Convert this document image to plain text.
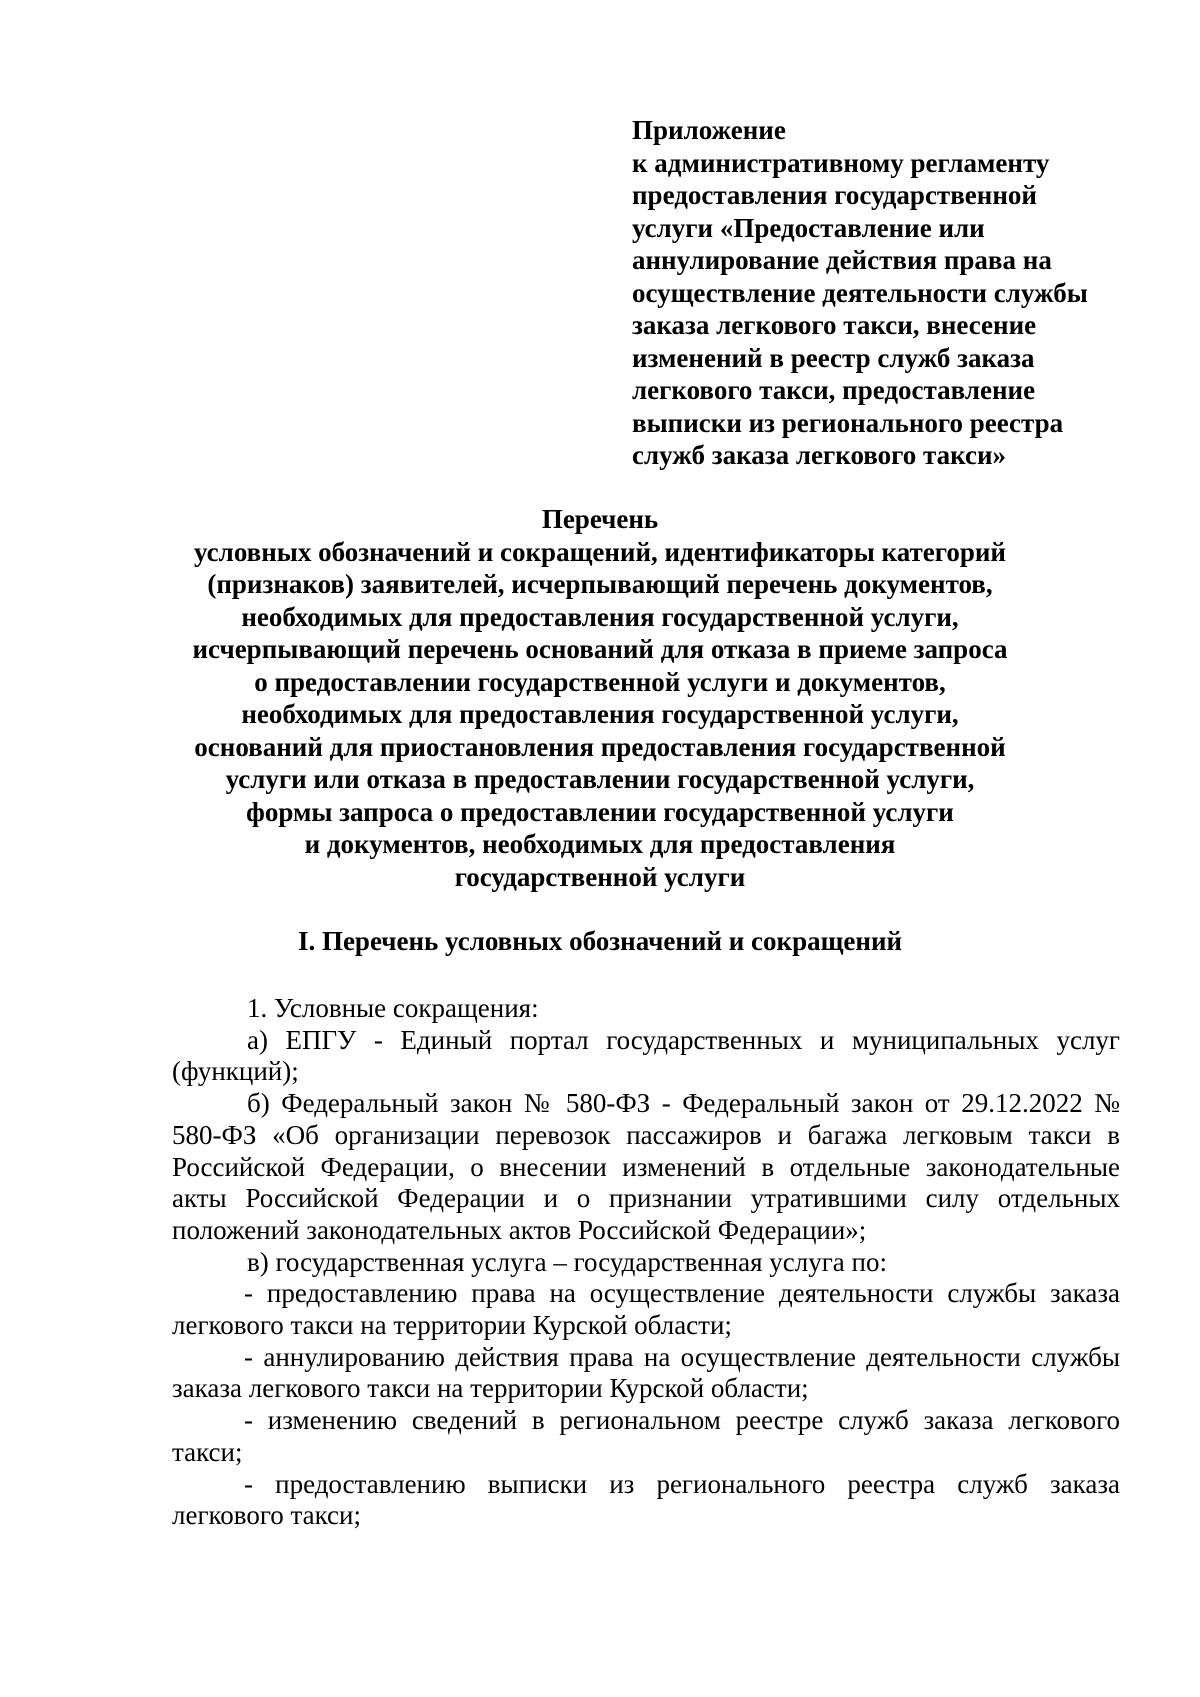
Приложение
к административному регламенту
предоставления государственной
услуги «Предоставление или
аннулирование действия права на
осуществление деятельности службы
заказа легкового такси, внесение
изменений в реестр служб заказа
легкового такси, предоставление
выписки из регионального реестра
служб заказа легкового такси»
Перечень
условных обозначений и сокращений, идентификаторы категорий
(признаков) заявителей, исчерпывающий перечень документов,
необходимых для предоставления государственной услуги,
исчерпывающий перечень оснований для отказа в приеме запроса
о предоставлении государственной услуги и документов,
необходимых для предоставления государственной услуги,
оснований для приостановления предоставления государственной
услуги или отказа в предоставлении государственной услуги,
формы запроса о предоставлении государственной услуги
и документов, необходимых для предоставления
государственной услуги
I. Перечень условных обозначений и сокращений

1. Условные сокращения:

а) ЕПГУ - Единый портал государственных и муниципальных услуг (функций);

б) Федеральный закон № 580-ФЗ - Федеральный закон от 29.12.2022 № 580-ФЗ «Об организации перевозок пассажиров и багажа легковым такси в Российской Федерации, о внесении изменений в отдельные законодательные акты Российской Федерации и о признании утратившими силу отдельных положений законодательных актов Российской Федерации»;

в) государственная услуга – государственная услуга по:

- предоставлению права на осуществление деятельности службы заказа легкового такси на территории Курской области;

- аннулированию действия права на осуществление деятельности службы заказа легкового такси на территории Курской области;

- изменению сведений в региональном реестре служб заказа легкового такси;

- предоставлению выписки из регионального реестра служб заказа легкового такси;
